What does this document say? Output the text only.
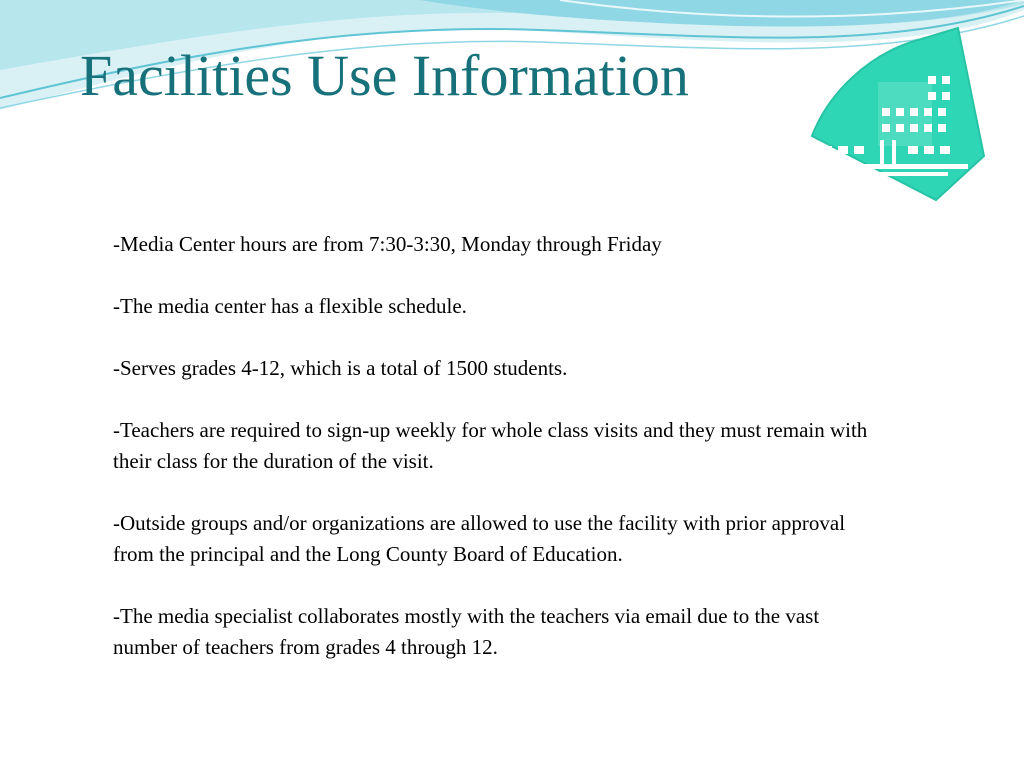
Facilities Use Information

-Media Center hours are from 7:30-3:30, Monday through Friday

-The media center has a flexible schedule.

-Serves grades 4-12, which is a total of 1500 students.

-Teachers are required to sign-up weekly for whole class visits and they must remain with their class for the duration of the visit.

-Outside groups and/or organizations are allowed to use the facility with prior approval from the principal and the Long County Board of Education.

-The media specialist collaborates mostly with the teachers via email due to the vast number of teachers from grades 4 through 12.
